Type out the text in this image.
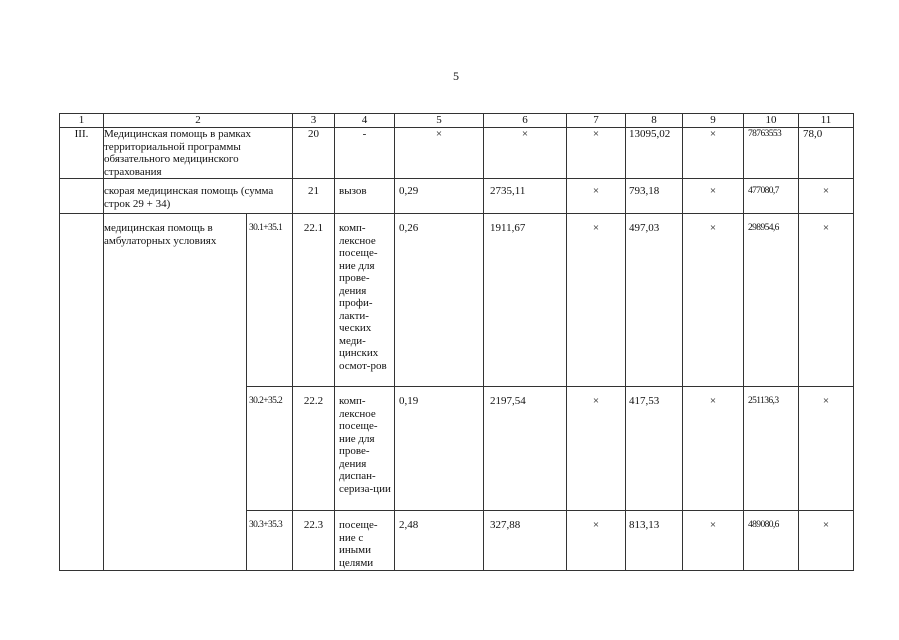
5
1	2		3	4	5	6	7	8	9	10	11
III.	Медицинская помощь в рамках территориальной программы обязательного медицинского страхования		20	-	×	×	×	13095,02	×	78763553	78,0
	скорая медицинская помощь (сумма строк 29 + 34)		21	вызов	0,29	2735,11	×	793,18	×	477080,7	×
	медицинская помощь в амбулаторных условиях	30.1+35.1	22.1	комп-лексное посеще-ние для прове-дения профи-лакти-ческих меди-цинских осмот-ров	0,26	1911,67	×	497,03	×	298954,6	×
		30.2+35.2	22.2	комп-лексное посеще-ние для прове-дения диспан-сериза-ции	0,19	2197,54	×	417,53	×	251136,3	×
		30.3+35.3	22.3	посеще-ние с иными целями	2,48	327,88	×	813,13	×	489080,6	×
